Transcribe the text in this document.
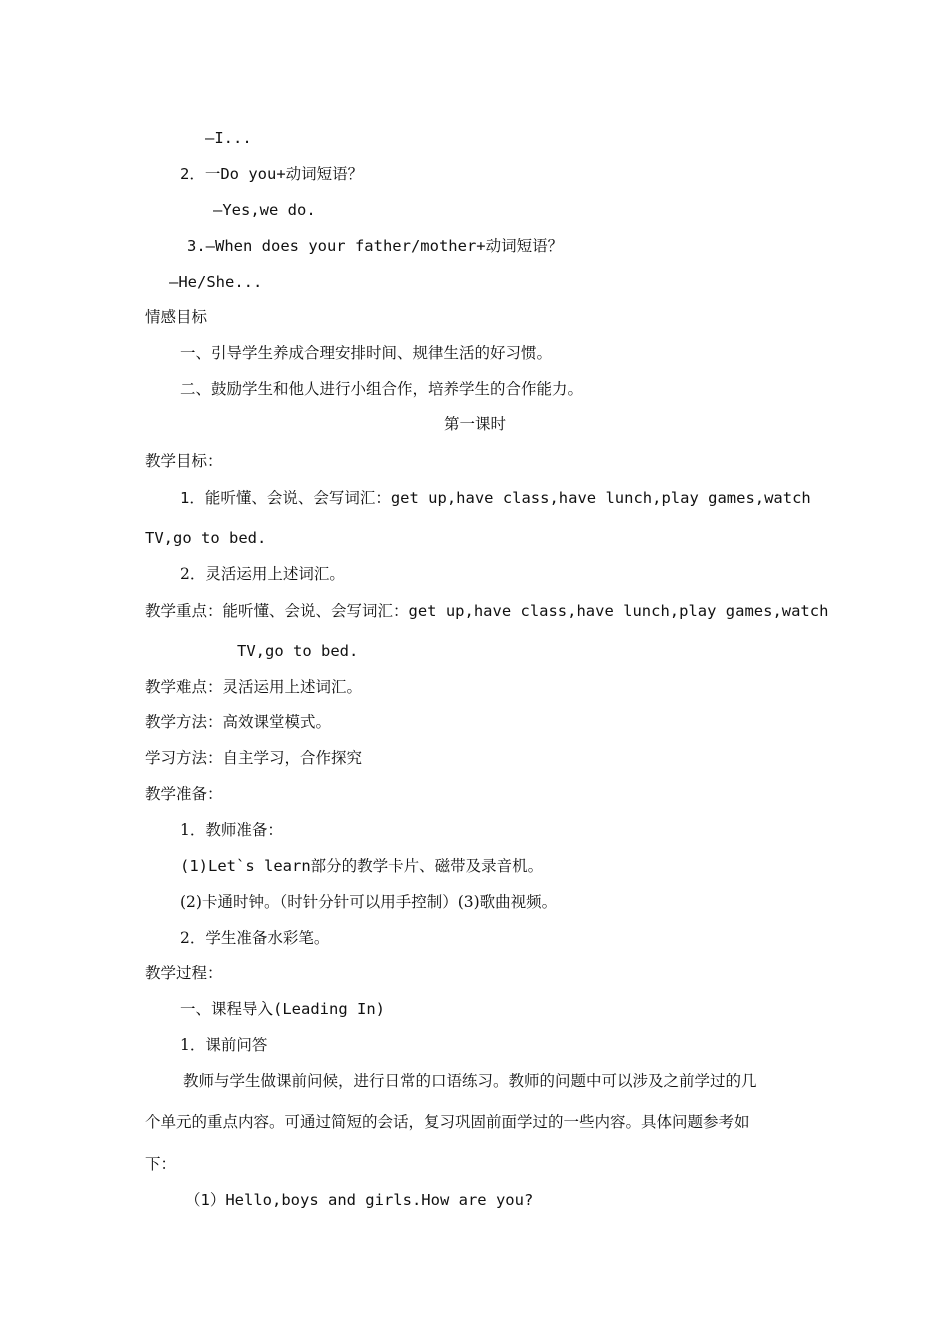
—I...
2．一Do you+动词短语？
—Yes,we do.
3.—When does your father/mother+动词短语？
—He/She...
情感目标
一、引导学生养成合理安排时间、规律生活的好习惯。
二、鼓励学生和他人进行小组合作，培养学生的合作能力。
第一课时
教学目标：
1．能听懂、会说、会写词汇：get up,have class,have lunch,play games,watch
TV,go to bed.
2．灵活运用上述词汇。
教学重点：能听懂、会说、会写词汇：get up,have class,have lunch,play games,watch
TV,go to bed.
教学难点：灵活运用上述词汇。
教学方法：高效课堂模式。
学习方法：自主学习，合作探究
教学准备：
1．教师准备：
(1)Let`s learn部分的教学卡片、磁带及录音机。
(2)卡通时钟。（时针分针可以用手控制）(3)歌曲视频。
2．学生准备水彩笔。
教学过程：
一、课程导入(Leading In)
1．课前问答
教师与学生做课前问候，进行日常的口语练习。教师的问题中可以涉及之前学过的几
个单元的重点内容。可通过简短的会话，复习巩固前面学过的一些内容。具体问题参考如
下：
（1）Hello,boys and girls.How are you?
